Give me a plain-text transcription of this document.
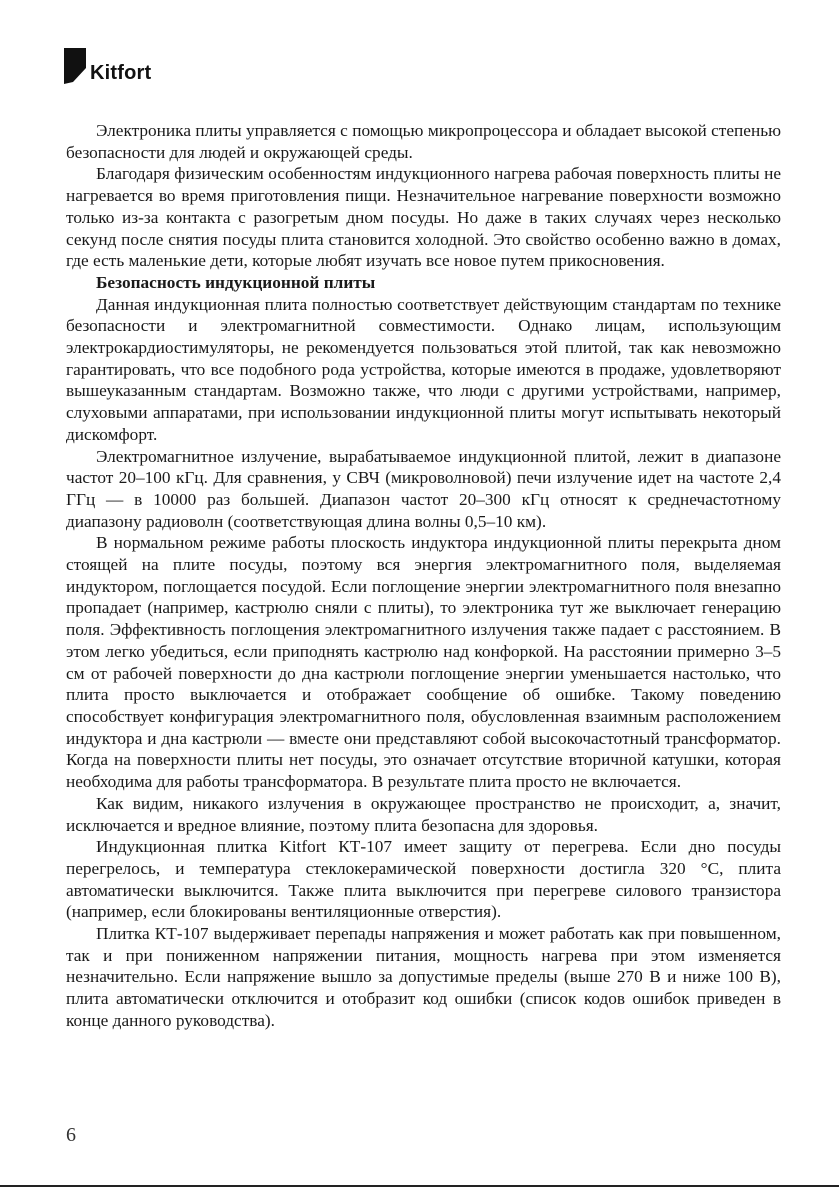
Kitfort

Электроника плиты управляется с помощью микропроцессора и обладает высокой степенью безопасности для людей и окружающей среды.

Благодаря физическим особенностям индукционного нагрева рабочая поверхность плиты не нагревается во время приготовления пищи. Незначительное нагревание поверхности возможно только из-за контакта с разогретым дном посуды. Но даже в таких случаях через несколько секунд после снятия посуды плита становится холодной. Это свойство особенно важно в домах, где есть маленькие дети, которые любят изучать все новое путем прикосновения.

Безопасность индукционной плиты

Данная индукционная плита полностью соответствует действующим стандартам по технике безопасности и электромагнитной совместимости. Однако лицам, использующим электрокардиостимуляторы, не рекомендуется пользоваться этой плитой, так как невозможно гарантировать, что все подобного рода устройства, которые имеются в продаже, удовлетворяют вышеуказанным стандартам. Возможно также, что люди с другими устройствами, например, слуховыми аппаратами, при использовании индукционной плиты могут испытывать некоторый дискомфорт.

Электромагнитное излучение, вырабатываемое индукционной плитой, лежит в диапазоне частот 20–100 кГц. Для сравнения, у СВЧ (микроволновой) печи излучение идет на частоте 2,4 ГГц — в 10000 раз большей. Диапазон частот 20–300 кГц относят к среднечастотному диапазону радиоволн (соответствующая длина волны 0,5–10 км).

В нормальном режиме работы плоскость индуктора индукционной плиты перекрыта дном стоящей на плите посуды, поэтому вся энергия электромагнитного поля, выделяемая индуктором, поглощается посудой. Если поглощение энергии электромагнитного поля внезапно пропадает (например, кастрюлю сняли с плиты), то электроника тут же выключает генерацию поля. Эффективность поглощения электромагнитного излучения также падает с расстоянием. В этом легко убедиться, если приподнять кастрюлю над конфоркой. На расстоянии примерно 3–5 см от рабочей поверхности до дна кастрюли поглощение энергии уменьшается настолько, что плита просто выключается и отображает сообщение об ошибке. Такому поведению способствует конфигурация электромагнитного поля, обусловленная взаимным расположением индуктора и дна кастрюли — вместе они представляют собой высокочастотный трансформатор. Когда на поверхности плиты нет посуды, это означает отсутствие вторичной катушки, которая необходима для работы трансформатора. В результате плита просто не включается.

Как видим, никакого излучения в окружающее пространство не происходит, а, значит, исключается и вредное влияние, поэтому плита безопасна для здоровья.

Индукционная плитка Kitfort КТ-107 имеет защиту от перегрева. Если дно посуды перегрелось, и температура стеклокерамической поверхности достигла 320 °С, плита автоматически выключится. Также плита выключится при перегреве силового транзистора (например, если блокированы вентиляционные отверстия).

Плитка КТ-107 выдерживает перепады напряжения и может работать как при повышенном, так и при пониженном напряжении питания, мощность нагрева при этом изменяется незначительно. Если напряжение вышло за допустимые пределы (выше 270 В и ниже 100 В), плита автоматически отключится и отобразит код ошибки (список кодов ошибок приведен в конце данного руководства).

6
